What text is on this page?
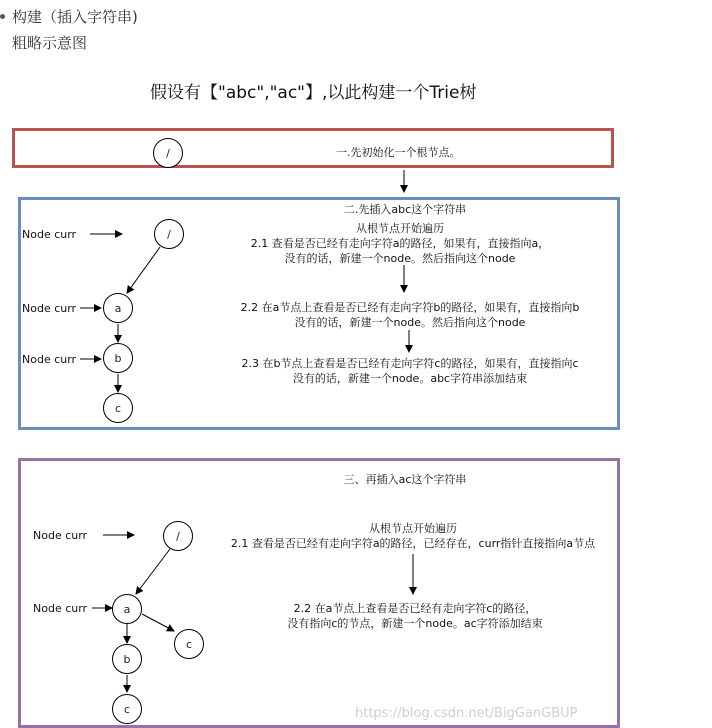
构建（插入字符串)
粗略示意图
假设有【"abc","ac"】,以此构建一个Trie树
/	一.先初始化一个根节点。
二.先插入abc这个字符串
Node curr
Node curr
Node curr
/
a
b
c
从根节点开始遍历
2.1 查看是否已经有走向字符a的路径，如果有，直接指向a，
没有的话，新建一个node。然后指向这个node
2.2 在a节点上查看是否已经有走向字符b的路径，如果有，直接指向b
没有的话，新建一个node。然后指向这个node
2.3 在b节点上查看是否已经有走向字符c的路径，如果有，直接指向c
没有的话，新建一个node。abc字符串添加结束
三、再插入ac这个字符串
Node curr
Node curr
/
a
b
c
c
从根节点开始遍历
2.1 查看是否已经有走向字符a的路径，已经存在，curr指针直接指向a节点
2.2 在a节点上查看是否已经有走向字符c的路径，
没有指向c的节点，新建一个node。ac字符添加结束
https://blog.csdn.net/BigGanGBUP
